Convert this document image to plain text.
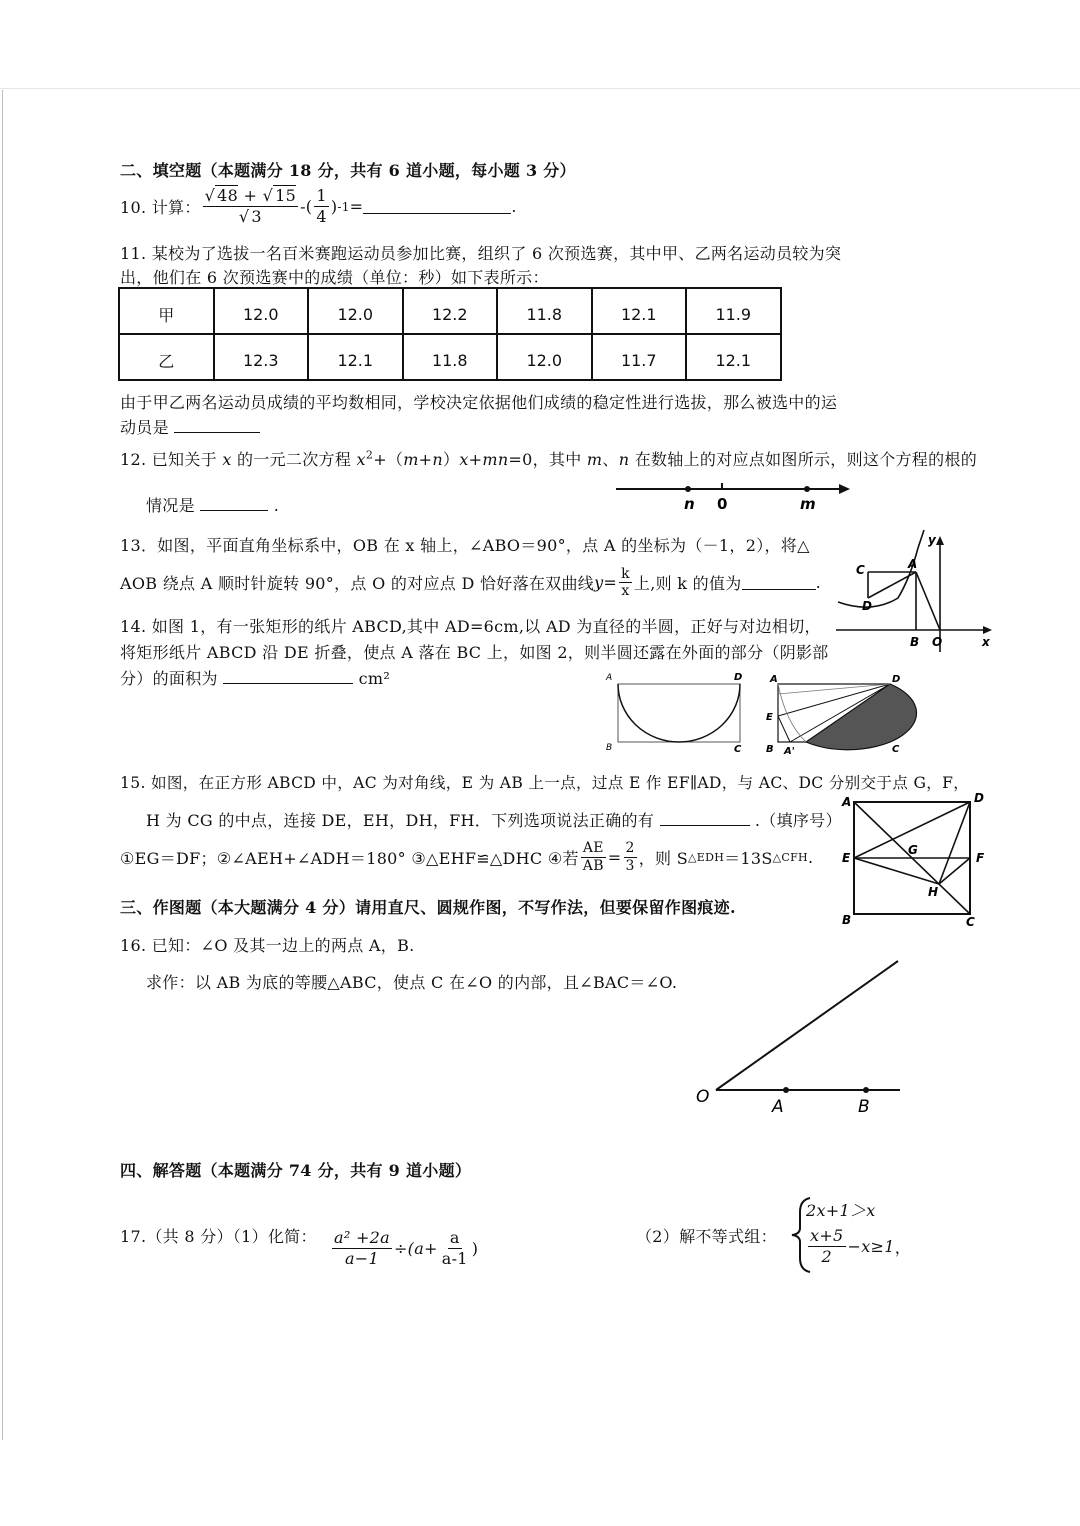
二、填空题（本题满分 18 分，共有 6 道小题，每小题 3 分）
10. 计算： √ 48 + √ 15
√ 3 -( $\frac{1}{4}$ ) -1 =	.
11. 某校为了选拔一名百米赛跑运动员参加比赛，组织了 6 次预选赛，其中甲、乙两名运动员较为突
出，他们在 6 次预选赛中的成绩（单位：秒）如下表所示：
甲	12.0	12.0	12.2	11.8	12.1	11.9
乙	12.3	12.1	11.8	12.0	11.7	12.1
由于甲乙两名运动员成绩的平均数相同，学校决定依据他们成绩的稳定性进行选拔，那么被选中的运
动员是
12. 已知关于 x 的一元二次方程 $x^2+(m+n)x+mn=0$，其中 m、n 在数轴上的对应点如图所示，则这个方程的根的
情况是	.	n 0	m
13．如图，平面直角坐标系中，OB 在 x 轴上，∠ABO＝90°，点 A 的坐标为（－1，2），将△
AOB 绕点 A 顺时针旋转 90°，点 O 的对应点 D 恰好落在双曲线 $y= \frac{k}{x}$ 上,则 k 的值为	.
C	A
D
B O	x
y
14. 如图 1，有一张矩形的纸片 ABCD,其中 AD=6cm,以 AD 为直径的半圆，正好与对边相切，
将矩形纸片 ABCD 沿 DE 折叠，使点 A 落在 BC 上，如图 2，则半圆还露在外面的部分（阴影部
分）的面积为	cm²	A	D
B	C
A	D
E
B A'	C
15. 如图，在正方形 ABCD 中，AC 为对角线，E 为 AB 上一点，过点 E 作 EF∥AD，与 AC、DC 分别交于点 G，F，
H 为 CG 的中点，连接 DE，EH，DH，FH．下列选项说法正确的有	.（填序号）
①EG＝DF；②∠AEH+∠ADH＝180° ③△EHF≌△DHC ④若 $\frac{AE}{AB} = \frac{2}{3}$ ，则 S △EDH ＝13S △CFH .
A	D
E	F
G
H
B	C
三、作图题（本大题满分 4 分）请用直尺、圆规作图，不写作法，但要保留作图痕迹.
16. 已知：∠O 及其一边上的两点 A，B.
求作：以 AB 为底的等腰△ABC，使点 C 在∠O 的内部，且∠BAC＝∠O.
O	A	B
四、解答题（本题满分 74 分，共有 9 道小题）
17.（共 8 分）（1）化简： $\frac{\text{a² +2a}}{a-1} \div(a+ \frac{a}{a-1}$ )
（2）解不等式组：
2x+1＞x
$\frac{x+5}{2} -x\ge 1$ ，
